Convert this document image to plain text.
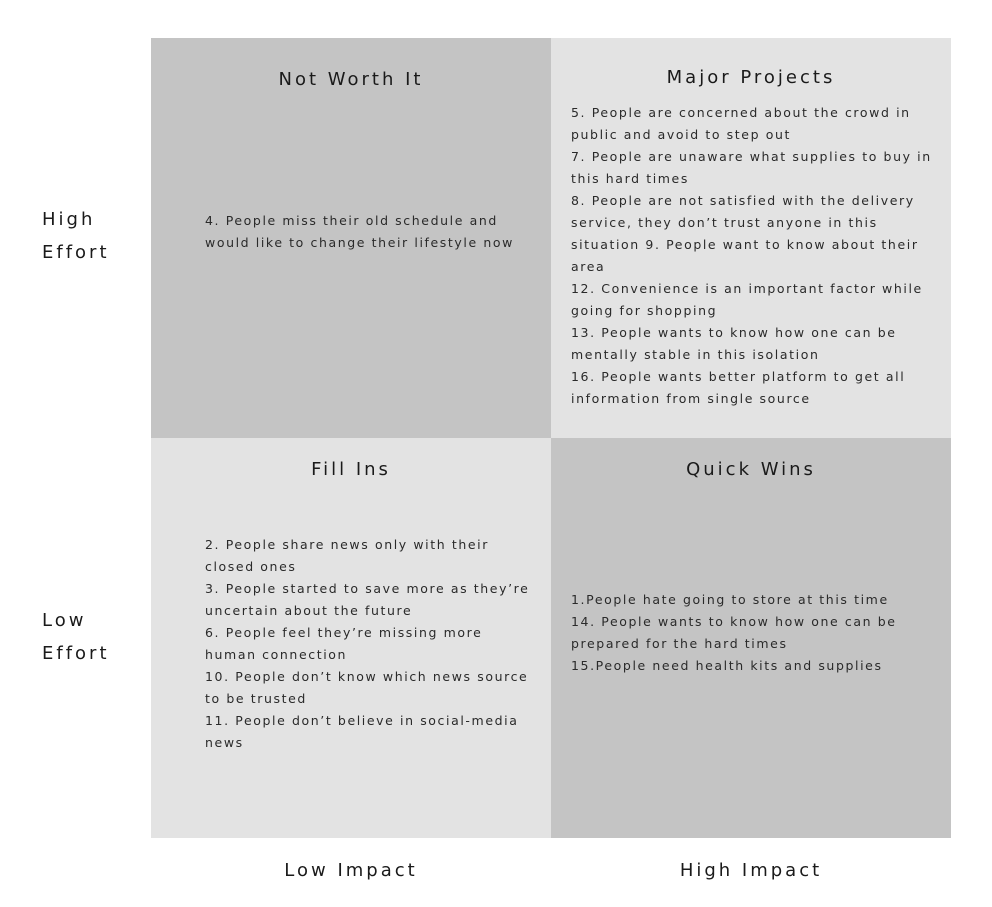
Not Worth It
4. People miss their old schedule and would like to change their lifestyle now
Major Projects
5. People are concerned about the crowd in public and avoid to step out
7. People are unaware what supplies to buy in this hard times
8. People are not satisfied with the delivery service, they don’t trust anyone in this situation 9. People want to know about their area
12. Convenience is an important factor while going for shopping
13. People wants to know how one can be mentally stable in this isolation
16. People wants better platform to get all information from single source
Fill Ins
2. People share news only with their closed ones
3. People started to save more as they’re uncertain about the future
6. People feel they’re missing more human connection
10. People don’t know which news source to be trusted
11. People don’t believe in social-media news
Quick Wins
1.People hate going to store at this time
14. People wants to know how one can be prepared for the hard times
15.People need health kits and supplies
High
Effort
Low
Effort
Low Impact	High Impact
